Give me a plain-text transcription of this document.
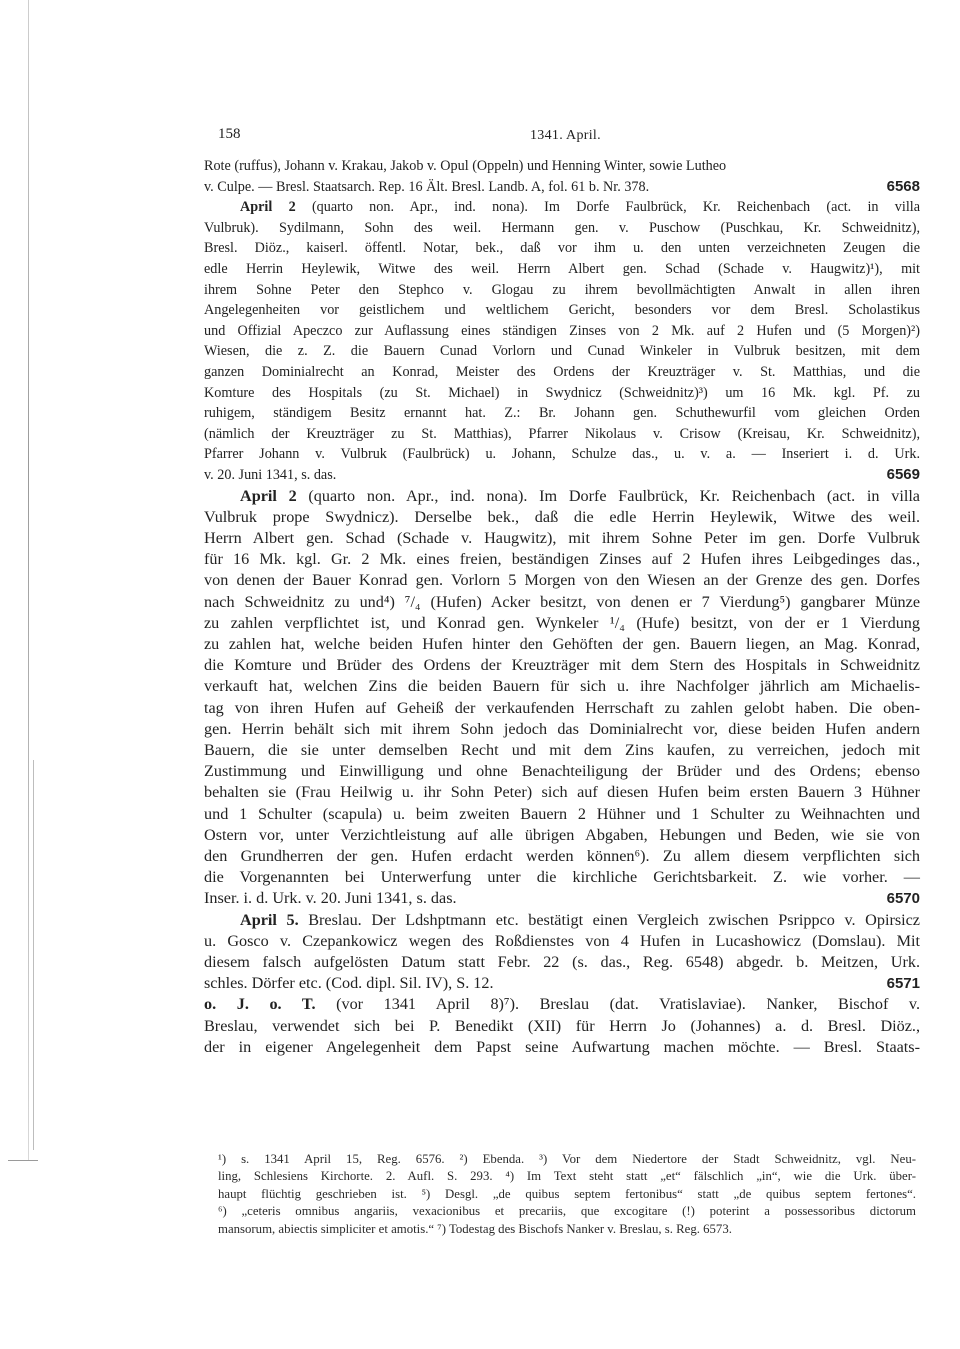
158	1341. April.
Rote (ruffus), Johann v. Krakau, Jakob v. Opul (Oppeln) und Henning Winter, sowie Lutheo
v. Culpe. — Bresl. Staatsarch. Rep. 16 Ält. Bresl. Landb. A, fol. 61 b. Nr. 378.	6568
April 2 (quarto non. Apr., ind. nona). Im Dorfe Faulbrück, Kr. Reichenbach (act. in villa
Vulbruk). Sydilmann, Sohn des weil. Hermann gen. v. Puschow (Puschkau, Kr. Schweidnitz),
Bresl. Diöz., kaiserl. öffentl. Notar, bek., daß vor ihm u. den unten verzeichneten Zeugen die
edle Herrin Heylewik, Witwe des weil. Herrn Albert gen. Schad (Schade v. Haugwitz)¹), mit
ihrem Sohne Peter den Stephco v. Glogau zu ihrem bevollmächtigten Anwalt in allen ihren
Angelegenheiten vor geistlichem und weltlichem Gericht, besonders vor dem Bresl. Scholastikus
und Offizial Apeczco zur Auflassung eines ständigen Zinses von 2 Mk. auf 2 Hufen und (5 Morgen)²)
Wiesen, die z. Z. die Bauern Cunad Vorlorn und Cunad Winkeler in Vulbruk besitzen, mit dem
ganzen Dominialrecht an Konrad, Meister des Ordens der Kreuzträger v. St. Matthias, und die
Komture des Hospitals (zu St. Michael) in Swydnicz (Schweidnitz)³) um 16 Mk. kgl. Pf. zu
ruhigem, ständigem Besitz ernannt hat. Z.: Br. Johann gen. Schuthewurfil vom gleichen Orden
(nämlich der Kreuzträger zu St. Matthias), Pfarrer Nikolaus v. Crisow (Kreisau, Kr. Schweidnitz),
Pfarrer Johann v. Vulbruk (Faulbrück) u. Johann, Schulze das., u. v. a. — Inseriert i. d. Urk.
v. 20. Juni 1341, s. das.	6569
April 2 (quarto non. Apr., ind. nona). Im Dorfe Faulbrück, Kr. Reichenbach (act. in villa
Vulbruk prope Swydnicz). Derselbe bek., daß die edle Herrin Heylewik, Witwe des weil.
Herrn Albert gen. Schad (Schade v. Haugwitz), mit ihrem Sohne Peter im gen. Dorfe Vulbruk
für 16 Mk. kgl. Gr. 2 Mk. eines freien, beständigen Zinses auf 2 Hufen ihres Leibgedinges das.,
von denen der Bauer Konrad gen. Vorlorn 5 Morgen von den Wiesen an der Grenze des gen. Dorfes
nach Schweidnitz zu und⁴) ⁷/₄ (Hufen) Acker besitzt, von denen er 7 Vierdung⁵) gangbarer Münze
zu zahlen verpflichtet ist, und Konrad gen. Wynkeler ¹/₄ (Hufe) besitzt, von der er 1 Vierdung
zu zahlen hat, welche beiden Hufen hinter den Gehöften der gen. Bauern liegen, an Mag. Konrad,
die Komture und Brüder des Ordens der Kreuzträger mit dem Stern des Hospitals in Schweidnitz
verkauft hat, welchen Zins die beiden Bauern für sich u. ihre Nachfolger jährlich am Michaelis-
tag von ihren Hufen auf Geheiß der verkaufenden Herrschaft zu zahlen gelobt haben. Die oben-
gen. Herrin behält sich mit ihrem Sohn jedoch das Dominialrecht vor, diese beiden Hufen andern
Bauern, die sie unter demselben Recht und mit dem Zins kaufen, zu verreichen, jedoch mit
Zustimmung und Einwilligung und ohne Benachteiligung der Brüder und des Ordens; ebenso
behalten sie (Frau Heilwig u. ihr Sohn Peter) sich auf diesen Hufen beim ersten Bauern 3 Hühner
und 1 Schulter (scapula) u. beim zweiten Bauern 2 Hühner und 1 Schulter zu Weihnachten und
Ostern vor, unter Verzichtleistung auf alle übrigen Abgaben, Hebungen und Beden, wie sie von
den Grundherren der gen. Hufen erdacht werden können⁶). Zu allem diesem verpflichten sich
die Vorgenannten bei Unterwerfung unter die kirchliche Gerichtsbarkeit. Z. wie vorher. —
Inser. i. d. Urk. v. 20. Juni 1341, s. das.	6570
April 5. Breslau. Der Ldshptmann etc. bestätigt einen Vergleich zwischen Psrippco v. Opirsicz
u. Gosco v. Czepankowicz wegen des Roßdienstes von 4 Hufen in Lucashowicz (Domslau). Mit
diesem falsch aufgelösten Datum statt Febr. 22 (s. das., Reg. 6548) abgedr. b. Meitzen, Urk.
schles. Dörfer etc. (Cod. dipl. Sil. IV), S. 12.	6571
o. J. o. T. (vor 1341 April 8)⁷). Breslau (dat. Vratislaviae). Nanker, Bischof v.
Breslau, verwendet sich bei P. Benedikt (XII) für Herrn Jo (Johannes) a. d. Bresl. Diöz.,
der in eigener Angelegenheit dem Papst seine Aufwartung machen möchte. — Bresl. Staats-
¹) s. 1341 April 15, Reg. 6576. ²) Ebenda. ³) Vor dem Niedertore der Stadt Schweidnitz, vgl. Neu-
ling, Schlesiens Kirchorte. 2. Aufl. S. 293. ⁴) Im Text steht statt „et“ fälschlich „in“, wie die Urk. über-
haupt flüchtig geschrieben ist. ⁵) Desgl. „de quibus septem fertonibus“ statt „de quibus septem fertones“.
⁶) „ceteris omnibus angariis, vexacionibus et precariis, que excogitare (!) poterint a possessoribus dictorum
mansorum, abiectis simpliciter et amotis.“ ⁷) Todestag des Bischofs Nanker v. Breslau, s. Reg. 6573.
